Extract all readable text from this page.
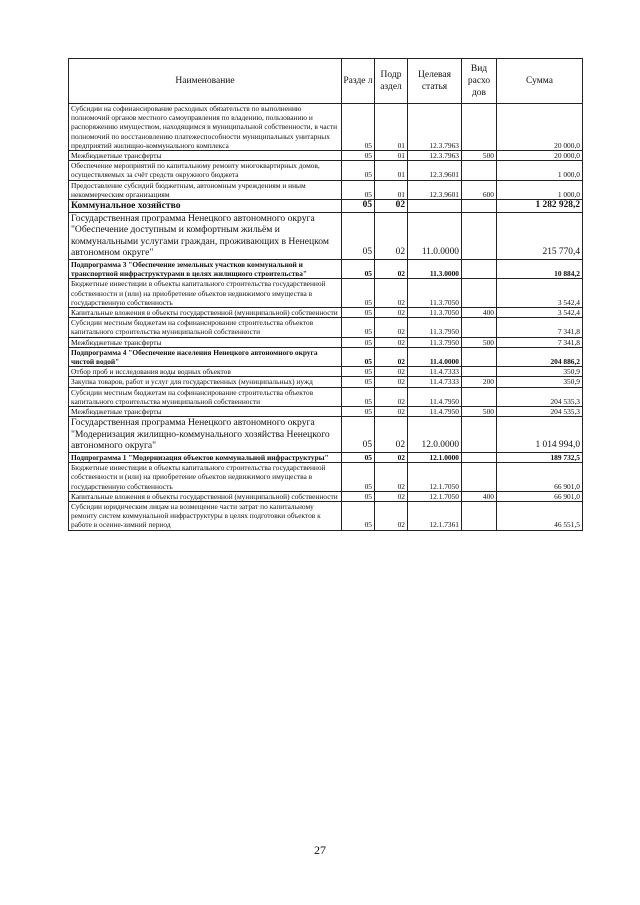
Наименование	Разде л	Подр аздел	Целевая статья	Вид расхо дов	Сумма
Субсидии на софинансирование расходных обязательств по выполнению полномочий органов местного самоуправления по владению, пользованию и распоряжению имуществом, находящимся в муниципальной собственности, в части полномочий по восстановлению платежеспособности муниципальных унитарных предприятий жилищно-коммунального комплекса	05	01	12.3.7963		20 000,0
Межбюджетные трансферты	05	01	12.3.7963	500	20 000,0
Обеспечение мероприятий по капитальному ремонту многоквартирных домов, осуществляемых за счёт средств окружного бюджета	05	01	12.3.9601		1 000,0
Предоставление субсидий бюджетным, автономным учреждениям и иным некоммерческим организациям	05	01	12.3.9601	600	1 000,0
Коммунальное хозяйство	05	02			1 282 928,2
Государственная программа Ненецкого автономного округа "Обеспечение доступным и комфортным жильём и коммунальными услугами граждан, проживающих в Ненецком автономном округе"	05	02	11.0.0000		215 770,4
Подпрограмма 3 "Обеспечение земельных участков коммунальной и транспортной инфраструктурами в целях жилищного строительства"	05	02	11.3.0000		10 884,2
Бюджетные инвестиции в объекты капитального строительства государственной собственности и (или) на приобретение объектов недвижимого имущества в государственную собственность	05	02	11.3.7050		3 542,4
Капитальные вложения в объекты государственной (муниципальной) собственности	05	02	11.3.7050	400	3 542,4
Субсидии местным бюджетам на софинансирование строительства объектов капитального строительства муниципальной собственности	05	02	11.3.7950		7 341,8
Межбюджетные трансферты	05	02	11.3.7950	500	7 341,8
Подпрограмма 4 "Обеспечение населения Ненецкого автономного округа чистой водой"	05	02	11.4.0000		204 886,2
Отбор проб и исследования воды водных объектов	05	02	11.4.7333		350,9
Закупка товаров, работ и услуг для государственных (муниципальных) нужд	05	02	11.4.7333	200	350,9
Субсидии местным бюджетам на софинансирование строительства объектов капитального строительства муниципальной собственности	05	02	11.4.7950		204 535,3
Межбюджетные трансферты	05	02	11.4.7950	500	204 535,3
Государственная программа Ненецкого автономного округа "Модернизация жилищно-коммунального хозяйства Ненецкого автономного округа"	05	02	12.0.0000		1 014 994,0
Подпрограмма 1 "Модернизация объектов коммунальной инфраструктуры"	05	02	12.1.0000		189 732,5
Бюджетные инвестиции в объекты капитального строительства государственной собственности и (или) на приобретение объектов недвижимого имущества в государственную собственность	05	02	12.1.7050		66 901,0
Капитальные вложения в объекты государственной (муниципальной) собственности	05	02	12.1.7050	400	66 901,0
Субсидии юридическим лицам на возмещение части затрат по капитальному ремонту систем коммунальной инфраструктуры в целях подготовки объектов к работе в осенне-зимний период	05	02	12.1.7361		46 551,5
27
